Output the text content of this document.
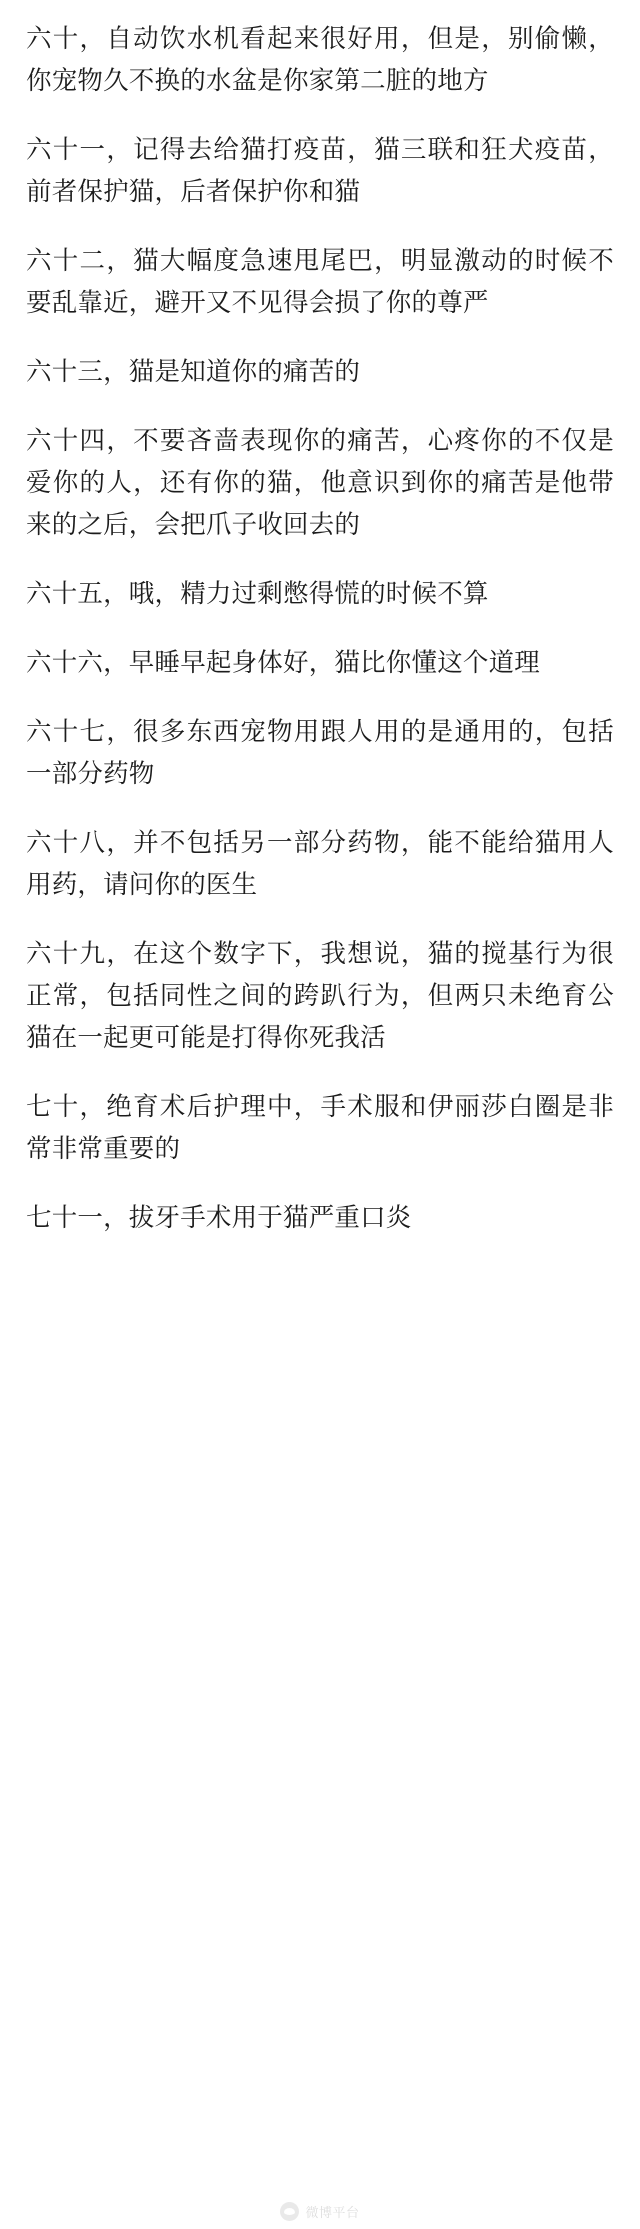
六十，自动饮水机看起来很好用，但是，别偷懒，你宠物久不换的水盆是你家第二脏的地方

六十一，记得去给猫打疫苗，猫三联和狂犬疫苗，前者保护猫，后者保护你和猫

六十二，猫大幅度急速甩尾巴，明显激动的时候不要乱靠近，避开又不见得会损了你的尊严

六十三，猫是知道你的痛苦的

六十四，不要吝啬表现你的痛苦，心疼你的不仅是爱你的人，还有你的猫，他意识到你的痛苦是他带来的之后，会把爪子收回去的

六十五，哦，精力过剩憋得慌的时候不算

六十六，早睡早起身体好，猫比你懂这个道理

六十七，很多东西宠物用跟人用的是通用的，包括一部分药物

六十八，并不包括另一部分药物，能不能给猫用人用药，请问你的医生

六十九，在这个数字下，我想说，猫的搅基行为很正常，包括同性之间的跨趴行为，但两只未绝育公猫在一起更可能是打得你死我活

七十，绝育术后护理中，手术服和伊丽莎白圈是非常非常重要的

七十一，拔牙手术用于猫严重口炎

微博平台
